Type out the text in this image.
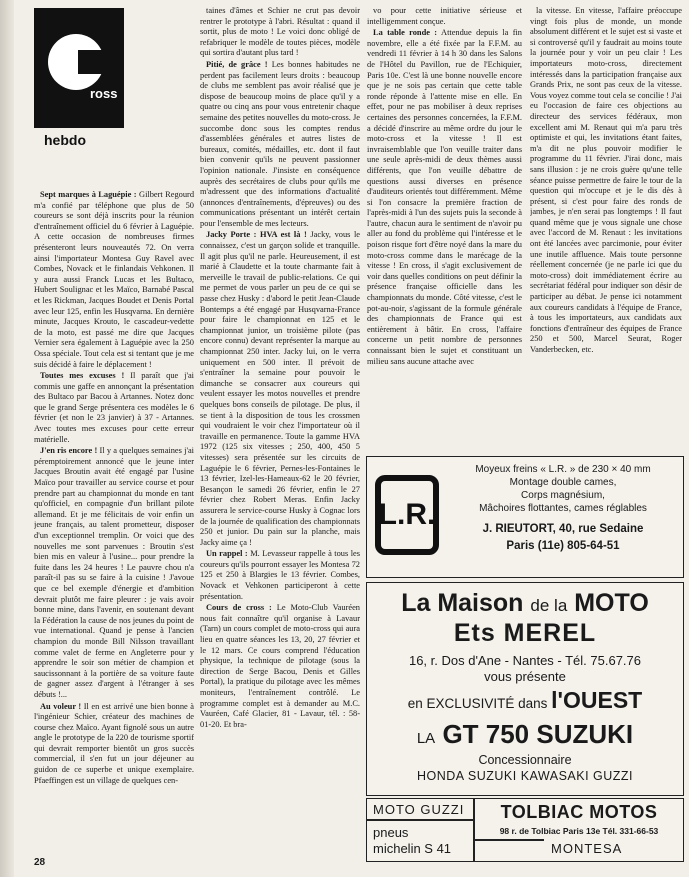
ross
hebdo

Sept marques à Laguépie : Gilbert Regourd m'a confié par téléphone que plus de 50 coureurs se sont déjà inscrits pour la réunion d'entraînement officiel du 6 février à Laguépie. A cette occasion de nombreuses firmes présenteront leurs nouveautés 72. On verra ainsi l'importateur Montesa Guy Ravel avec Combes, Novack et le finlandais Vehkonen. Il y aura aussi Franck Lucas et les Bultaco, Hubert Soulignac et les Maïco, Barnabé Pascal et les Rickman, Jacques Boudet et Denis Portal avec leur 125, enfin les Husqvarna. En dernière minute, Jacques Krouto, le cascadeur-vedette de la moto, est passé me dire que Jacques Vernier sera également à Laguépie avec la 250 Ossa spéciale. Tout cela est si tentant que je me suis décidé à faire le déplacement !

Toutes mes excuses ! Il paraît que j'ai commis une gaffe en annonçant la présentation des Bultaco par Bacou à Artannes. Notez donc que le grand Serge présentera ces modèles le 6 février (et non le 23 janvier) à 37 - Artannes. Avec toutes mes excuses pour cette erreur matérielle.

J'en ris encore ! Il y a quelques semaines j'ai péremptoirement annoncé que le jeune inter Jacques Broutin avait été engagé par l'usine Maïco pour travailler au service course et pour prendre part au championnat du monde en tant qu'officiel, en compagnie d'un brillant pilote allemand. Et je me félicitais de voir enfin un jeune français, au talent prometteur, disposer d'un exceptionnel tremplin. Or voici que des nouvelles me sont parvenues : Broutin s'est bien mis en valeur à l'usine... pour prendre la fuite dans les 24 heures ! Le pauvre chou n'a paraît-il pas su se faire à la cuisine ! J'avoue que ce bel exemple d'énergie et d'ambition devrait plutôt me faire pleurer : je vais avoir bonne mine, dans l'avenir, en soutenant devant la Fédération la cause de nos jeunes du point de vue international. Quand je pense à l'ancien champion du monde Bill Nilsson travaillant comme valet de ferme en Angleterre pour y apprendre le soir son métier de champion et saucissonnant à la portière de sa voiture faute de gagner assez d'argent à l'étranger à ses débuts !...

Au voleur ! Il en est arrivé une bien bonne à l'ingénieur Schier, créateur des machines de course chez Maïco. Ayant fignolé sous un autre angle le prototype de la 220 de tourisme sportif qui devrait remporter bientôt un gros succès commercial, il s'en fut un jour déjeuner au guidon de ce superbe et unique exemplaire. Pfaeffingen est un village de quelques cen-

taines d'âmes et Schier ne crut pas devoir rentrer le prototype à l'abri. Résultat : quand il sortit, plus de moto ! Le voici donc obligé de refabriquer le modèle de toutes pièces, modèle qui sortira d'autant plus tard !

Pitié, de grâce ! Les bonnes habitudes ne perdent pas facilement leurs droits : beaucoup de clubs me semblent pas avoir réalisé que je dispose de beaucoup moins de place qu'il y a quatre ou cinq ans pour vous entretenir chaque semaine des petites nouvelles du moto-cross. Je succombe donc sous les comptes rendus d'assemblées générales et autres listes de bureaux, comités, médailles, etc. dont il faut bien convenir qu'ils ne peuvent passionner l'opinion nationale. J'insiste en conséquence auprès des secrétaires de clubs pour qu'ils me m'adressent que des informations d'actualité (annonces d'entraînements, d'épreuves) ou des communications présentant un intérêt certain pour l'ensemble de mes lecteurs.

Jacky Porte : HVA est là ! Jacky, vous le connaissez, c'est un garçon solide et tranquille. Il agit plus qu'il ne parle. Heureusement, il est marié à Claudette et la toute charmante fait à merveille le travail de public-relations. Ce qui me permet de vous parler un peu de ce qui se passe chez Husky : d'abord le petit Jean-Claude Bontemps a été engagé par Husqvarna-France pour faire le championnat en 125 et le championnat junior, un troisième pilote (pas encore connu) devant représenter la marque au championnat 250 inter. Jacky lui, on le verra uniquement en 500 inter. Il prévoit de s'entraîner la semaine pour pouvoir le dimanche se consacrer aux coureurs qui veulent essayer les motos nouvelles et prendre quelques bons conseils de pilotage. De plus, il se tient à la disposition de tous les crossmen qui voudraient le voir chez l'importateur où il travaille en permanence. Toute la gamme HVA 1972 (125 six vitesses ; 250, 400, 450 5 vitesses) sera présentée sur les circuits de Laguépie le 6 février, Pernes-les-Fontaines le 13 février, Izel-les-Hameaux-62 le 20 février, Besançon le samedi 26 février, enfin le 27 février chez Robert Meras. Enfin Jacky assurera le service-course Husky à Cognac lors de la journée de qualification des championnats 250 et junior. Du pain sur la planche, mais Jacky aime ça !

Un rappel : M. Levasseur rappelle à tous les coureurs qu'ils pourront essayer les Montesa 72 125 et 250 à Blargies le 13 février. Combes, Novack et Vehkonen participeront à cette présentation.

Cours de cross : Le Moto-Club Vauréen nous fait connaître qu'il organise à Lavaur (Tarn) un cours complet de moto-cross qui aura lieu en quatre séances les 13, 20, 27 février et le 12 mars. Ce cours comprend l'éducation physique, la technique de pilotage (sous la direction de Serge Bacou, Denis et Gilles Portal), la pratique du pilotage avec les mêmes moniteurs, l'entraînement contrôlé. Le programme complet est à demander au M.C. Vauréen, Café Glacier, 81 - Lavaur, tél. : 58-01-20. Et bra-

vo pour cette initiative sérieuse et intelligemment conçue.

La table ronde : Attendue depuis la fin novembre, elle a été fixée par la F.F.M. au vendredi 11 février à 14 h 30 dans les Salons de l'Hôtel du Pavillon, rue de l'Echiquier, Paris 10e. C'est là une bonne nouvelle encore que je ne sois pas certain que cette table ronde réponde à l'attente mise en elle. En effet, pour ne pas mobiliser à deux reprises certaines des personnes concernées, la F.F.M. a décidé d'inscrire au même ordre du jour le moto-cross et la vitesse ! Il est invraisemblable que l'on veuille traiter dans une seule après-midi de deux thèmes aussi différents, que l'on veuille débattre de questions aussi diverses en présence d'auditeurs orientés tout différemment. Même si l'on consacre la première fraction de l'après-midi à l'un des sujets puis la seconde à l'autre, chacun aura le sentiment de n'avoir pu aller au fond du problème qui l'intéresse et le poison risque fort d'être noyé dans la mare du moto-cross comme dans le marécage de la vitesse ! En cross, il s'agit exclusivement de voir dans quelles conditions on peut définir la présence française officielle dans les championnats du monde. Côté vitesse, c'est le pot-au-noir, s'agissant de la formule générale des championnats de France qui est entièrement à bâtir. En cross, l'affaire concerne un petit nombre de personnes connaissant bien le sujet et constituant un milieu sans aucune attache avec

la vitesse. En vitesse, l'affaire préoccupe vingt fois plus de monde, un monde absolument différent et le sujet est si vaste et si controversé qu'il y faudrait au moins toute la journée pour y voir un peu clair ! Les importateurs moto-cross, directement intéressés dans la participation française aux Grands Prix, ne sont pas ceux de la vitesse. Vous voyez comme tout cela se concilie ! J'ai eu l'occasion de faire ces objections au directeur des services fédéraux, mon excellent ami M. Renaut qui m'a paru très optimiste et qui, les invitations étant faites, m'a dit ne plus pouvoir modifier le programme du 11 février. J'irai donc, mais sans illusion : je ne crois guère qu'une telle séance puisse permettre de faire le tour de la question qui m'occupe et je le dis dès à présent, si c'est pour faire des ronds de jambes, je n'en serai pas longtemps ! Il faut quand même que je vous signale une chose avec l'accord de M. Renaut : les invitations ont été lancées avec parcimonie, pour éviter une inutile affluence. Mais toute personne réellement concernée (je ne parle ici que du moto-cross) doit immédiatement écrire au secrétariat fédéral pour indiquer son désir de participer au débat. Je pense ici notamment aux coureurs candidats à l'équipe de France, à tous les importateurs, aux candidats aux fonctions d'entraîneur des équipes de France 250 et 500, Marcel Seurat, Roger Vanderbecken, etc.

L.R.
Moyeux freins « L.R. » de 230 × 40 mm
Montage double cames,
Corps magnésium,
Mâchoires flottantes, cames réglables
J. RIEUTORT, 40, rue Sedaine
Paris (11e) 805-64-51
La Maison de la MOTO
Ets MEREL
16, r. Dos d'Ane - Nantes - Tél. 75.67.76
vous présente
en EXCLUSIVITÉ dans l'OUEST
LA GT 750 SUZUKI
Concessionnaire
HONDA SUZUKI KAWASAKI GUZZI
MOTO GUZZI
pneus
michelin S 41
TOLBIAC MOTOS
98 r. de Tolbiac Paris 13e Tél. 331-66-53
MONTESA
28
